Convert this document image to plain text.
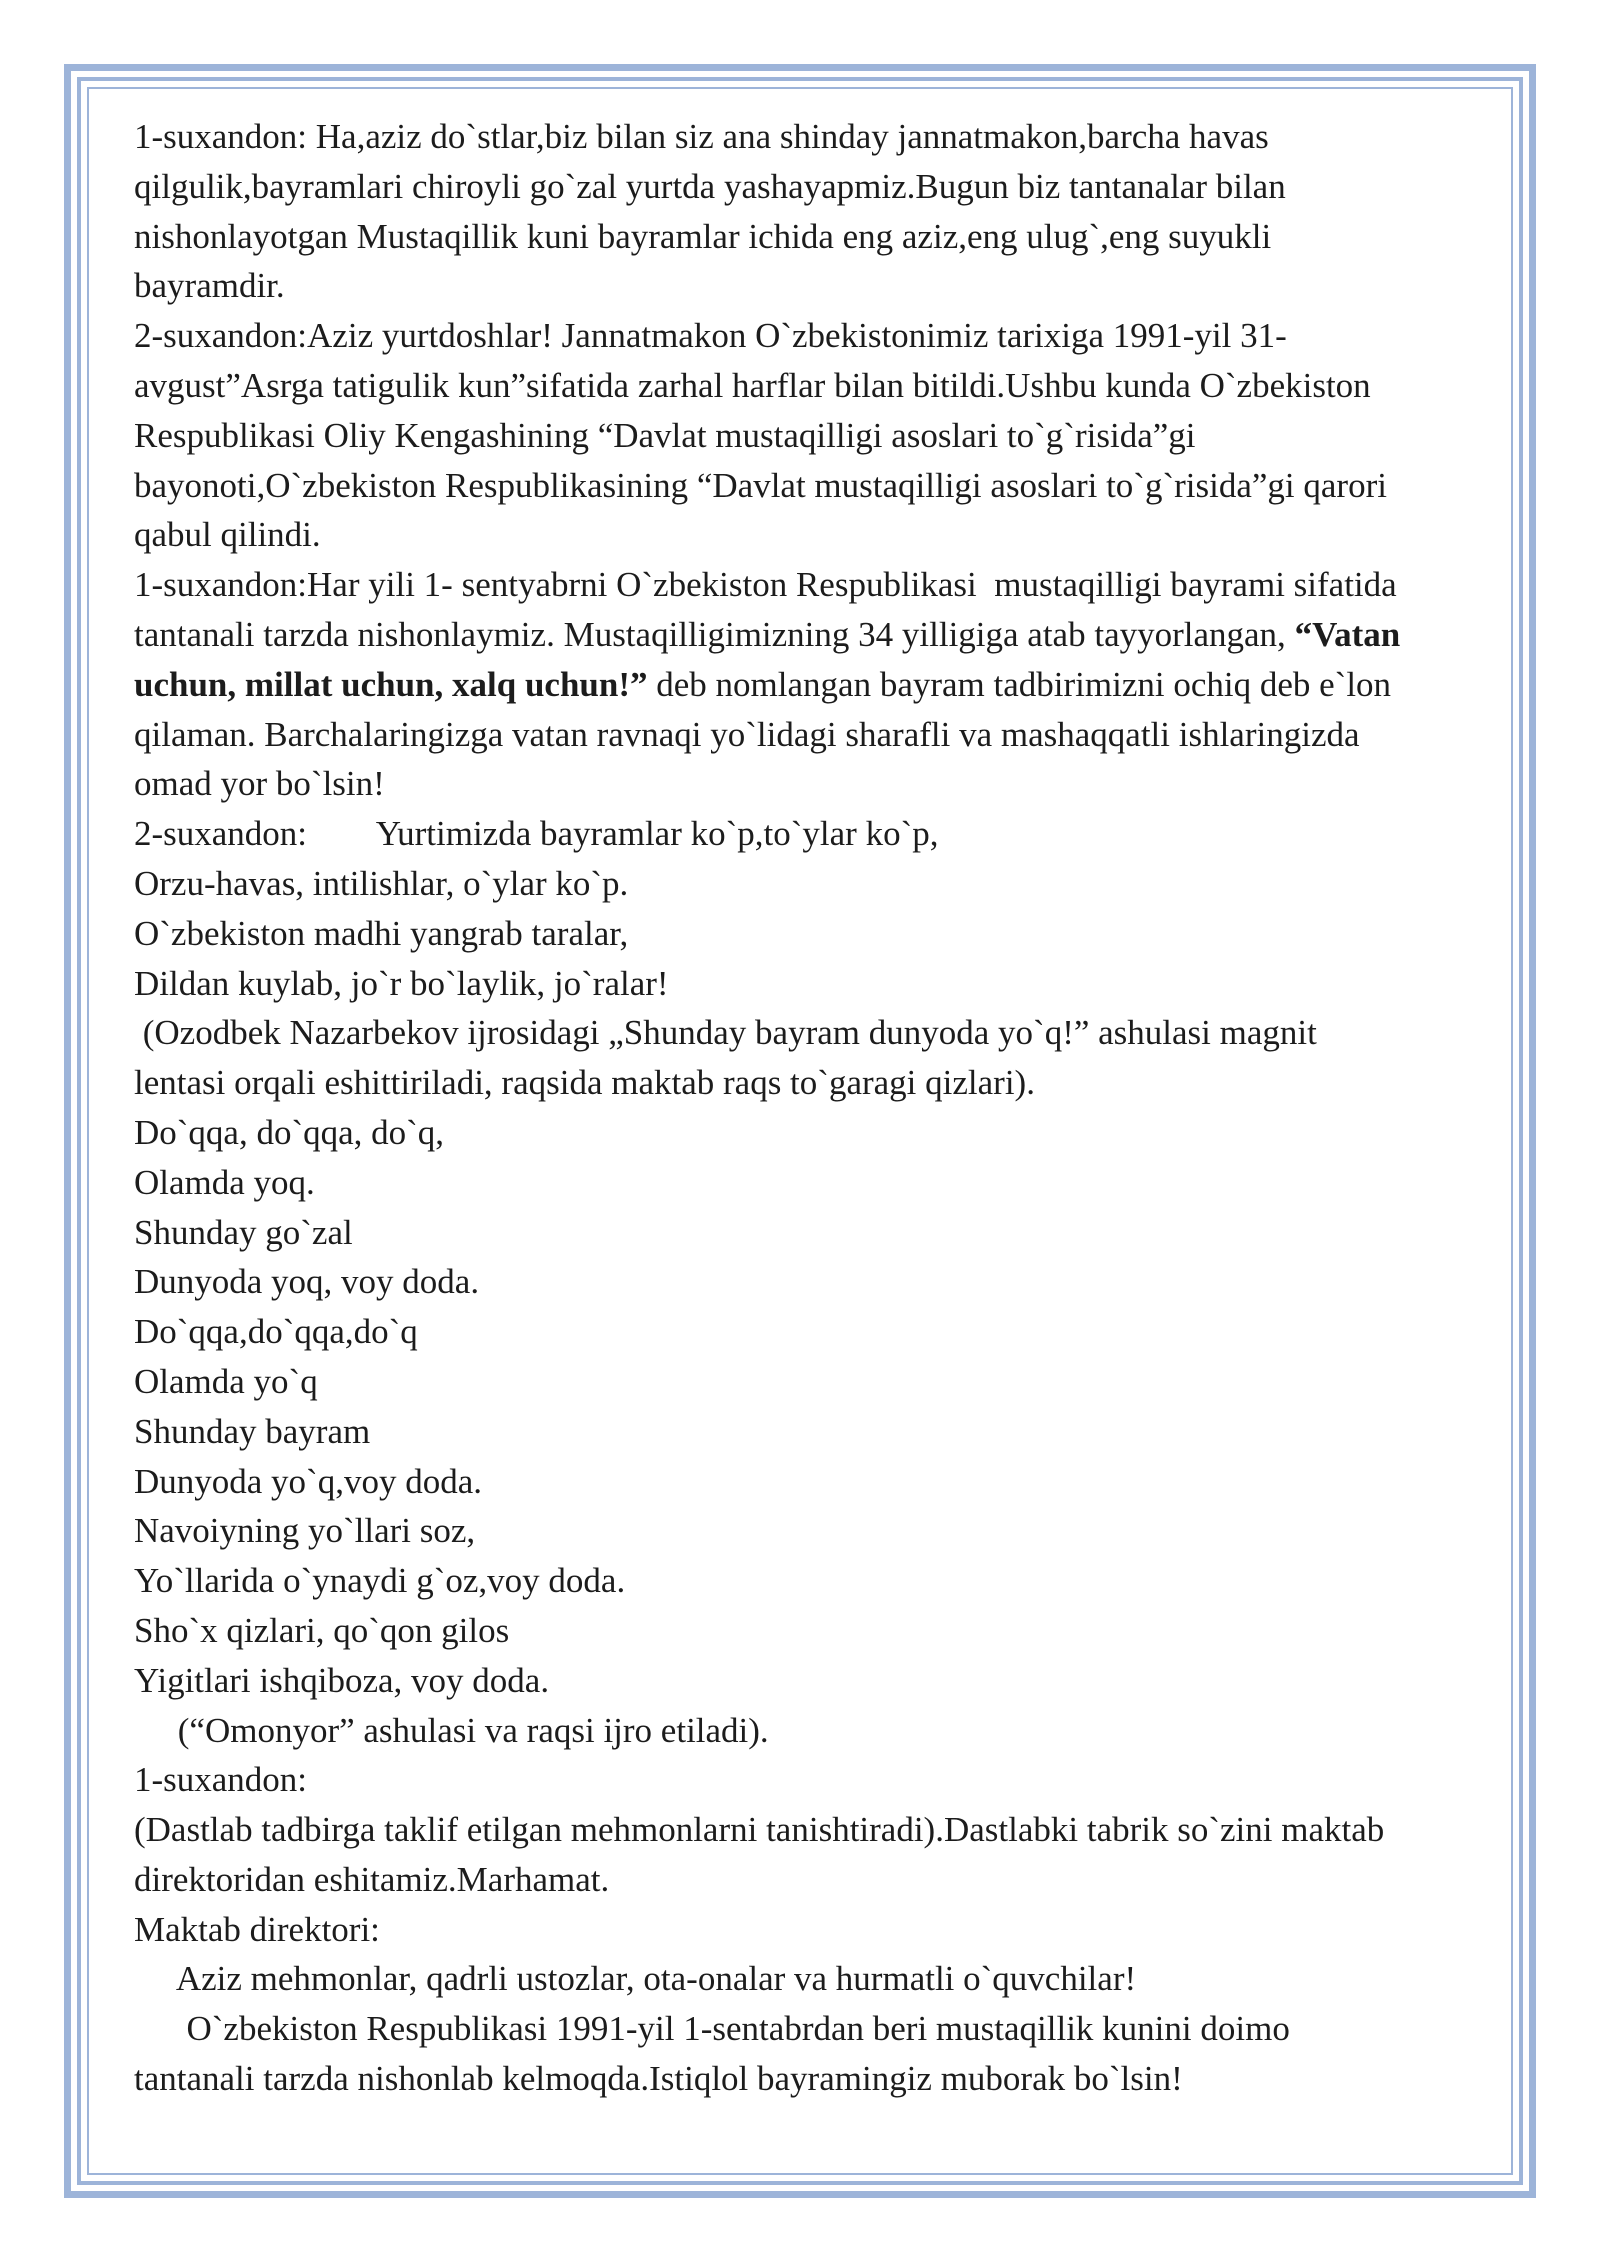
1-suxandon: Ha,aziz do`stlar,biz bilan siz ana shinday jannatmakon,barcha havas
qilgulik,bayramlari chiroyli go`zal yurtda yashayapmiz.Bugun biz tantanalar bilan
nishonlayotgan Mustaqillik kuni bayramlar ichida eng aziz,eng ulug`,eng suyukli
bayramdir.
2-suxandon:Aziz yurtdoshlar! Jannatmakon O`zbekistonimiz tarixiga 1991-yil 31-
avgust”Asrga tatigulik kun”sifatida zarhal harflar bilan bitildi.Ushbu kunda O`zbekiston
Respublikasi Oliy Kengashining “Davlat mustaqilligi asoslari to`g`risida”gi
bayonoti,O`zbekiston Respublikasining “Davlat mustaqilligi asoslari to`g`risida”gi qarori
qabul qilindi.
1-suxandon:Har yili 1- sentyabrni O`zbekiston Respublikasi  mustaqilligi bayrami sifatida
tantanali tarzda nishonlaymiz. Mustaqilligimizning 34 yilligiga atab tayyorlangan, “Vatan
uchun, millat uchun, xalq uchun!” deb nomlangan bayram tadbirimizni ochiq deb e`lon
qilaman. Barchalaringizga vatan ravnaqi yo`lidagi sharafli va mashaqqatli ishlaringizda
omad yor bo`lsin!
2-suxandon:        Yurtimizda bayramlar ko`p,to`ylar ko`p,
Orzu-havas, intilishlar, o`ylar ko`p.
O`zbekiston madhi yangrab taralar,
Dildan kuylab, jo`r bo`laylik, jo`ralar!
(Ozodbek Nazarbekov ijrosidagi „Shunday bayram dunyoda yo`q!” ashulasi magnit
lentasi orqali eshittiriladi, raqsida maktab raqs to`garagi qizlari).
Do`qqa, do`qqa, do`q,
Olamda yoq.
Shunday go`zal
Dunyoda yoq, voy doda.
Do`qqa,do`qqa,do`q
Olamda yo`q
Shunday bayram
Dunyoda yo`q,voy doda.
Navoiyning yo`llari soz,
Yo`llarida o`ynaydi g`oz,voy doda.
Sho`x qizlari, qo`qon gilos
Yigitlari ishqiboza, voy doda.
(“Omonyor” ashulasi va raqsi ijro etiladi).
1-suxandon:
(Dastlab tadbirga taklif etilgan mehmonlarni tanishtiradi).Dastlabki tabrik so`zini maktab
direktoridan eshitamiz.Marhamat.
Maktab direktori:
Aziz mehmonlar, qadrli ustozlar, ota-onalar va hurmatli o`quvchilar!
O`zbekiston Respublikasi 1991-yil 1-sentabrdan beri mustaqillik kunini doimo
tantanali tarzda nishonlab kelmoqda.Istiqlol bayramingiz muborak bo`lsin!
